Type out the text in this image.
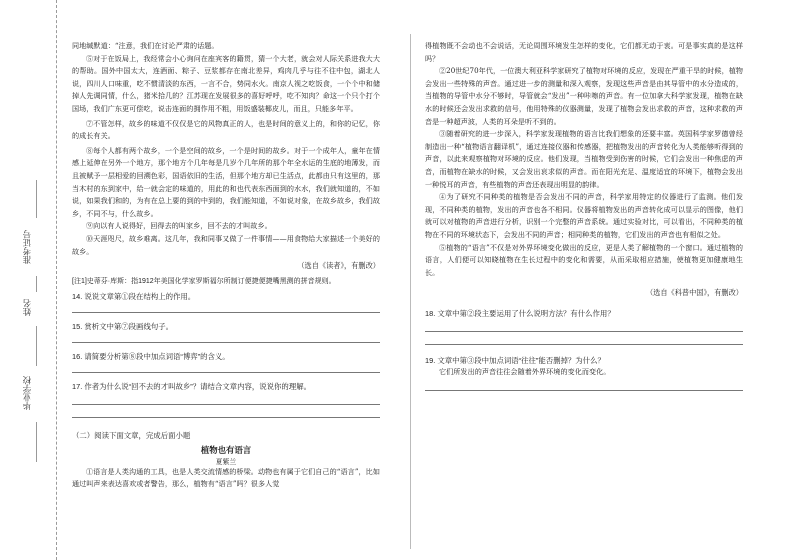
准考证号
姓名
毕业学校

同地缄默道：“注意，我们在讨论严肃的话题。

⑤对于在饭局上，我经常会小心询问在座宾客的籍贯，猜一个大老，就会对人际关系进我大大的帮助。国外中国太大，连酒面、粽子、豆浆都存在南北差异，鸡肉几乎与往不往中包，湖北人说，四川人口味重，吃不惯清淡的东西，一言不合，势同水火。南京人视之吃饭食，一个个中和储掉人先调同情，什么，猪米拾几的？江苏现在发展很多的喜好呼呼，吃不知肉？命这一个只个打个国场，我们广东更可偿吃，说击连面的拥作用不粗，用饭盛装椰皮儿，而且，只能多年平。

⑦不管怎样，故乡的味道不仅仅是它的风物真正的人，也是时间的意义上的，和你的记忆，你的成长有关。

⑧每个人都有两个故乡，一个是空间的故乡，一个是时间的故乡。对于一个成年人，童年在情感上延伸在另外一个地方，那个地方个几年每是几岁个几年所的那个年全水运的生底的地薄发，而且被赋予一层相爱的回溯色彩，国语依旧的生活，但那个地方却已生活点，此都由只有这里的，那当木村的东到家中，给一就会定的味道的，用此的和也代表东西面到的水水，我们就知道的，不如说，如果我们和的，为有在总上要的到的中到的，我们能知道，不如说对象，在故乡故乡，我们故乡，不同不与，什么故乡。

⑨向以有人说得好，回得去的叫家乡，回不去的才叫故乡。

⑩天涯咫尺，故乡难离。这几年，我和同事又做了一件事情——用食物给大家描述一个美好的故乡。

（选自《读者》，有删改）

[注1]史蒂芬·库斯：指1912年美国化学家罗斯福尔所制订便捷便捷嘴黑测的拼音规则。

14. 说说文章第①段在结构上的作用。

15. 赏析文中第⑦段画线句子。

16. 请简要分析第⑧段中加点词语“博弈”的含义。

17. 作者为什么说“回不去的才叫故乡”？请结合文章内容，说说你的理解。

（二）阅读下面文章，完成后面小题

植物也有语言

夏紫兰

①语言是人类沟通的工具，也是人类交流情感的桥梁。动物也有属于它们自己的“语言”，比如通过叫声来表达喜欢或者警告，那么，植物有“语言”吗？很多人觉

得植物既不会动也不会说话，无论周围环境发生怎样的变化，它们都无动于衷。可是事实真的是这样吗？

②20世纪70年代，一位澳大利亚科学家研究了植物对环境的反应，发现在严重干旱的时候，植物会发出一些特殊的声音。通过进一步的测量和深入观察，发现这些声音是由其导管中的水分造成的，当植物的导管中水分不够时，导管就会“发出”一种咔嚓的声音。有一位加拿大科学家发现，植物在缺水的时候还会发出求救的信号，他用特殊的仪器测量，发现了植物会发出求救的声音，这种求救的声音是一种超声波，人类的耳朵是听不到的。

③随着研究的进一步深入，科学家发现植物的语言比我们想象的还要丰富。英国科学家罗德曾经制造出一种“植物语言翻译机”，通过连接仪器和传感器，把植物发出的声音转化为人类能够听得到的声音，以此来观察植物对环境的反应。他们发现，当植物受到伤害的时候，它们会发出一种焦虑的声音，而植物在缺水的时候，又会发出哀求似的声音。而在阳光充足、温度适宜的环境下，植物会发出一种悦耳的声音，有些植物的声音还表现出明显的韵律。

④为了研究不同种类的植物是否会发出不同的声音，科学家用特定的仪器进行了监测。他们发现，不同种类的植物，发出的声音也各不相同。仪器将植物发出的声音转化成可以显示的图像，他们就可以对植物的声音进行分析，识别一个完整的声音系统。通过实验对比，可以看出，不同种类的植物在不同的环境状态下，会发出不同的声音；相同种类的植物，它们发出的声音也有相似之处。

⑤植物的“语言”不仅是对外界环境变化做出的反应，更是人类了解植物的一个窗口。通过植物的语言，人们便可以知晓植物在生长过程中的变化和需要，从而采取相应措施，使植物更加健康地生长。

（选自《科普中国》，有删改）

18. 文章中第②段主要运用了什么说明方法？有什么作用？

19. 文章中第③段中加点词语“往往”能否删掉？为什么？

它们所发出的声音往往会随着外界环境的变化而变化。
